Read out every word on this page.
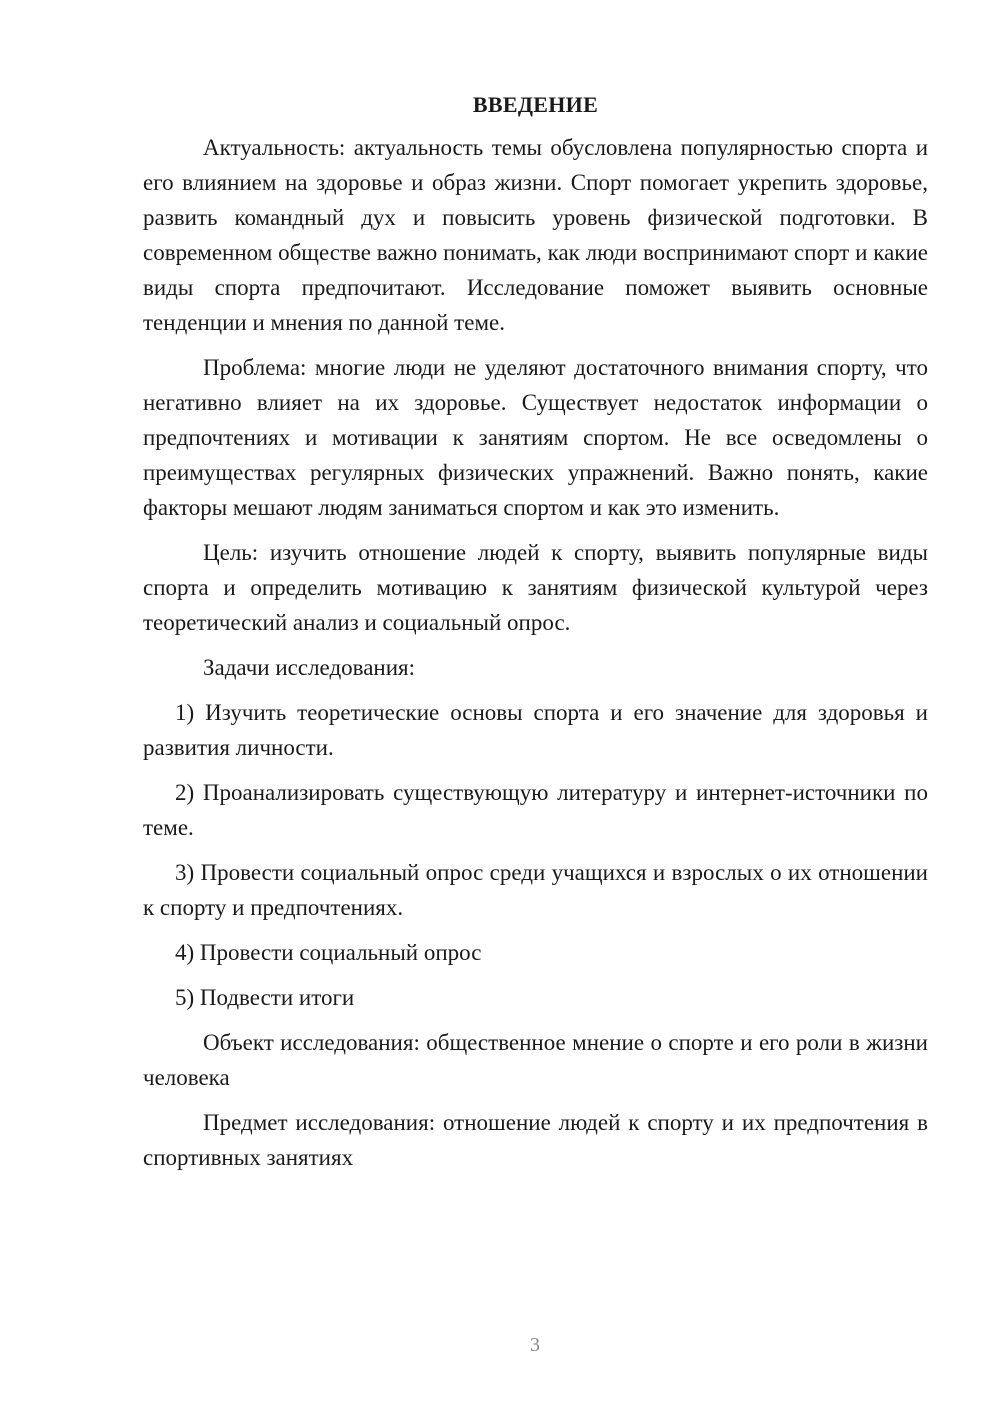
ВВЕДЕНИЕ

Актуальность: актуальность темы обусловлена популярностью спорта и его влиянием на здоровье и образ жизни. Спорт помогает укрепить здоровье, развить командный дух и повысить уровень физической подготовки. В современном обществе важно понимать, как люди воспринимают спорт и какие виды спорта предпочитают. Исследование поможет выявить основные тенденции и мнения по данной теме.

Проблема: многие люди не уделяют достаточного внимания спорту, что негативно влияет на их здоровье. Существует недостаток информации о предпочтениях и мотивации к занятиям спортом. Не все осведомлены о преимуществах регулярных физических упражнений. Важно понять, какие факторы мешают людям заниматься спортом и как это изменить.

Цель: изучить отношение людей к спорту, выявить популярные виды спорта и определить мотивацию к занятиям физической культурой через теоретический анализ и социальный опрос.

Задачи исследования:

1) Изучить теоретические основы спорта и его значение для здоровья и развития личности.

2) Проанализировать существующую литературу и интернет-источники по теме.

3) Провести социальный опрос среди учащихся и взрослых о их отношении к спорту и предпочтениях.

4) Провести социальный опрос

5) Подвести итоги

Объект исследования: общественное мнение о спорте и его роли в жизни человека

Предмет исследования: отношение людей к спорту и их предпочтения в спортивных занятиях

3
